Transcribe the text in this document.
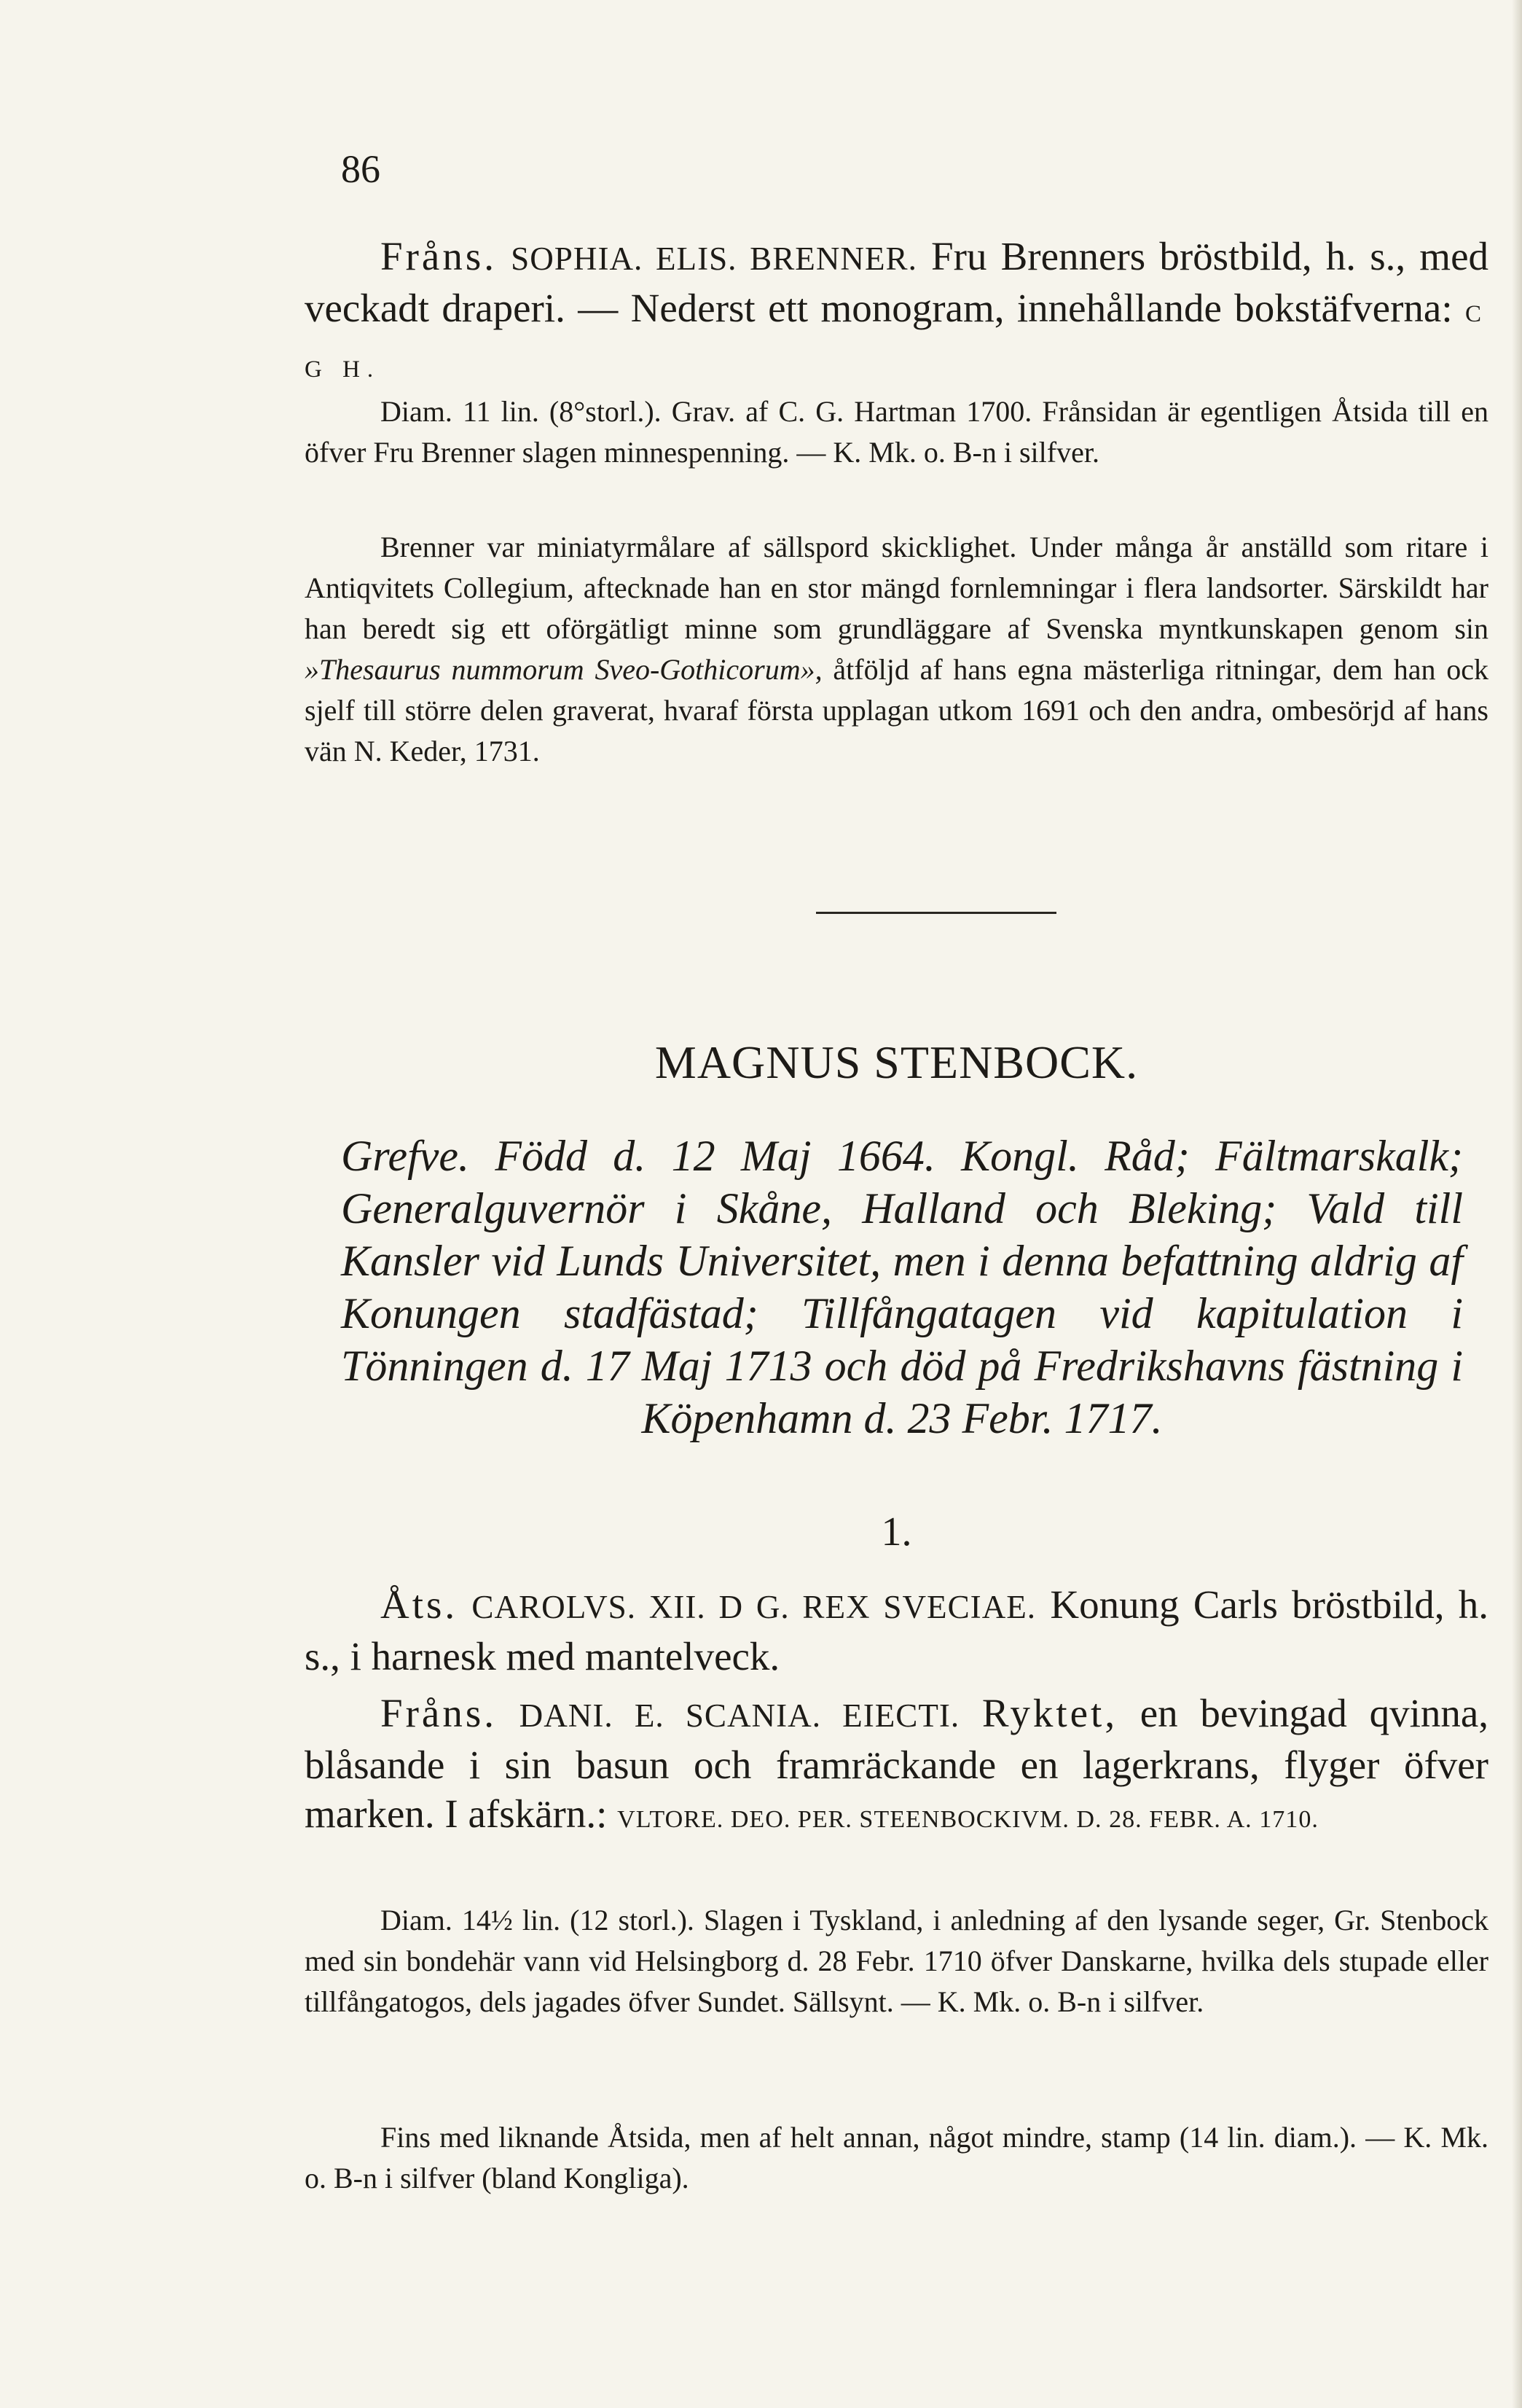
86
Fråns. SOPHIA. ELIS. BRENNER. Fru Brenners bröstbild, h. s., med veckadt draperi. — Nederst ett monogram, innehållande bokstäfverna: C G H.
Diam. 11 lin. (8°storl.). Grav. af C. G. Hartman 1700. Frånsidan är egentligen Åtsida till en öfver Fru Brenner slagen minnespenning. — K. Mk. o. B-n i silfver.
Brenner var miniatyrmålare af sällspord skicklighet. Under många år anställd som ritare i Antiqvitets Collegium, aftecknade han en stor mängd fornlemningar i flera landsorter. Särskildt har han beredt sig ett oförgätligt minne som grundläggare af Svenska myntkunskapen genom sin »Thesaurus nummorum Sveo-Gothicorum», åtföljd af hans egna mästerliga ritningar, dem han ock sjelf till större delen graverat, hvaraf första upplagan utkom 1691 och den andra, ombesörjd af hans vän N. Keder, 1731.
MAGNUS STENBOCK.
Grefve. Född d. 12 Maj 1664. Kongl. Råd; Fältmarskalk; Generalguvernör i Skåne, Halland och Bleking; Vald till Kansler vid Lunds Universitet, men i denna befattning aldrig af Konungen stadfästad; Tillfångatagen vid kapitulation i Tönningen d. 17 Maj 1713 och död på Fredrikshavns fästning i Köpenhamn d. 23 Febr. 1717.
1.
Åts. CAROLVS. XII. D G. REX SVECIAE. Konung Carls bröstbild, h. s., i harnesk med mantelveck.
Fråns. DANI. E. SCANIA. EIECTI. Ryktet, en bevingad qvinna, blåsande i sin basun och framräckande en lagerkrans, flyger öfver marken. I afskärn.: VLTORE. DEO. PER. STEENBOCKIVM. D. 28. FEBR. A. 1710.
Diam. 14½ lin. (12 storl.). Slagen i Tyskland, i anledning af den lysande seger, Gr. Stenbock med sin bondehär vann vid Helsingborg d. 28 Febr. 1710 öfver Danskarne, hvilka dels stupade eller tillfångatogos, dels jagades öfver Sundet. Sällsynt. — K. Mk. o. B-n i silfver.
Fins med liknande Åtsida, men af helt annan, något mindre, stamp (14 lin. diam.). — K. Mk. o. B-n i silfver (bland Kongliga).
